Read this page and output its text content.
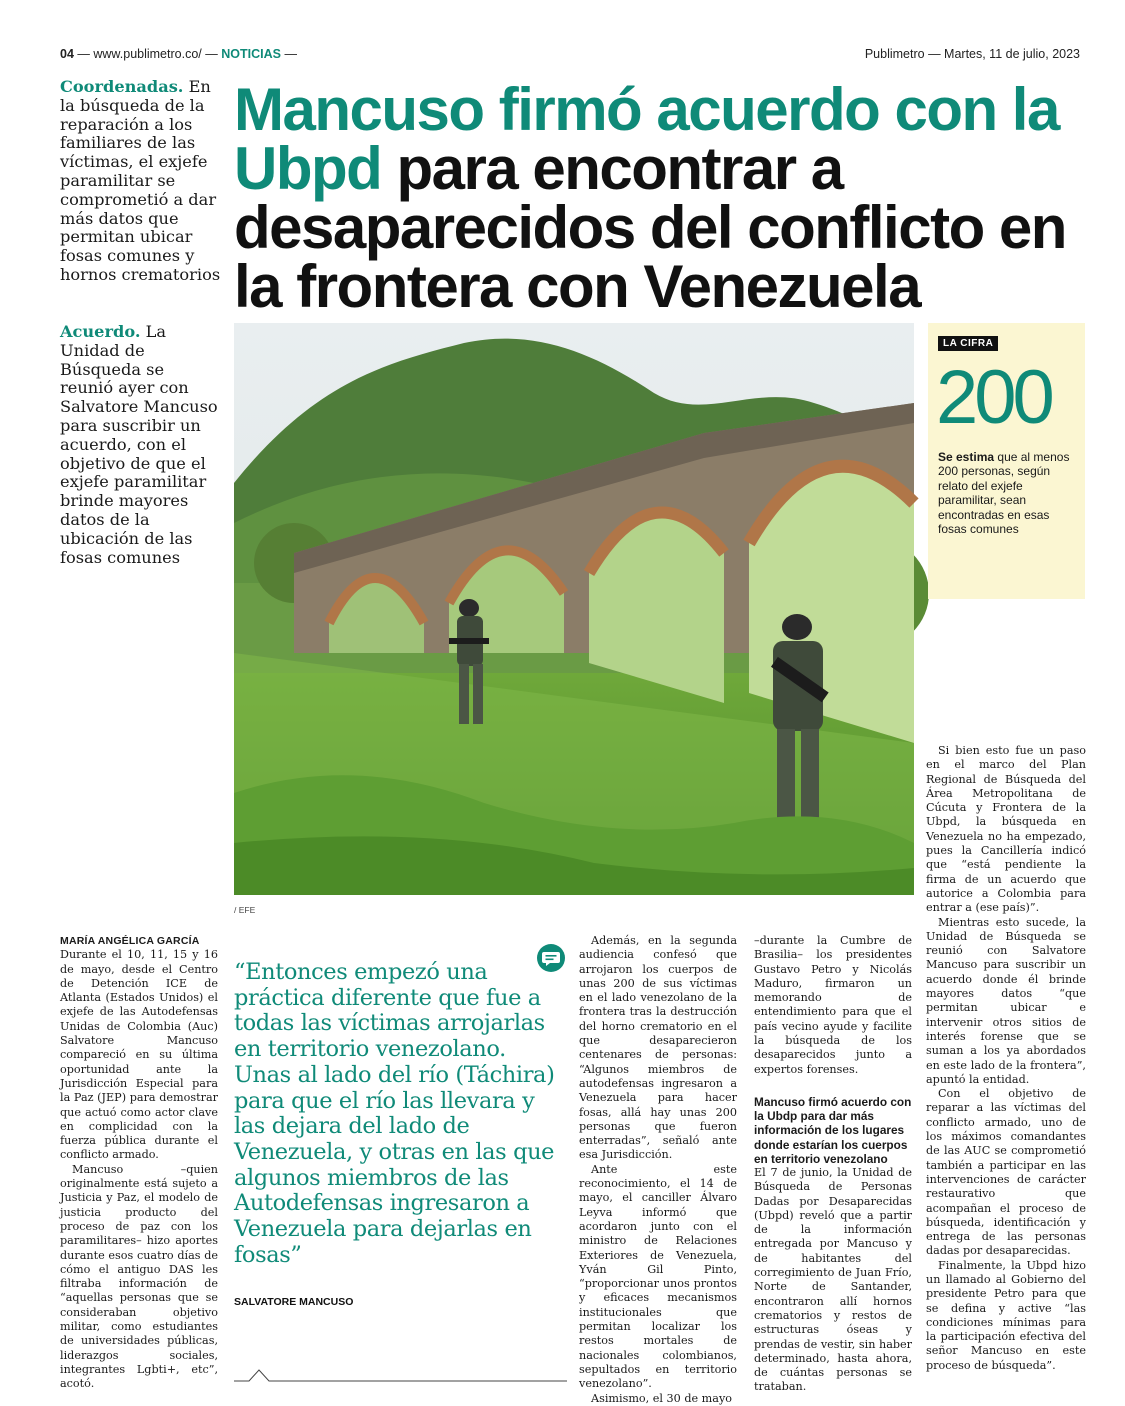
04 — www.publimetro.co/ — NOTICIAS —	Publimetro — Martes, 11 de julio, 2023
Coordenadas. En la búsqueda de la reparación a los familiares de las víctimas, el exjefe paramilitar se comprometió a dar más datos que permitan ubicar fosas comunes y hornos crematorios
Acuerdo. La Unidad de Búsqueda se reunió ayer con Salvatore Mancuso para suscribir un acuerdo, con el objetivo de que el exjefe paramilitar brinde mayores datos de la ubicación de las fosas comunes
Mancuso firmó acuerdo con la Ubpd para encontrar a desaparecidos del conflicto en la frontera con Venezuela
/ EFE
LA CIFRA
200
Se estima que al menos 200 personas, según relato del exjefe paramilitar, sean encontradas en esas fosas comunes
MARÍA ANGÉLICA GARCÍA

Durante el 10, 11, 15 y 16 de mayo, desde el Centro de Detención ICE de Atlanta (Estados Unidos) el exjefe de las Autodefensas Unidas de Colombia (Auc) Salvatore Mancuso compareció en su última oportunidad ante la Jurisdicción Especial para la Paz (JEP) para demostrar que actuó como actor clave en complicidad con la fuerza pública durante el conflicto armado.

Mancuso –quien originalmente está sujeto a Justicia y Paz, el modelo de justicia producto del proceso de paz con los paramilitares– hizo aportes durante esos cuatro días de cómo el antiguo DAS les filtraba información de “aquellas personas que se consideraban objetivo militar, como estudiantes de universidades públicas, liderazgos sociales, integrantes Lgbti+, etc”, acotó.

“Entonces empezó una práctica diferente que fue a todas las víctimas arrojarlas en territorio venezolano. Unas al lado del río (Táchira) para que el río las llevara y las dejara del lado de Venezuela, y otras en las que algunos miembros de las Autodefensas ingresaron a Venezuela para dejarlas en fosas”
SALVATORE MANCUSO

Además, en la segunda audiencia confesó que arrojaron los cuerpos de unas 200 de sus víctimas en el lado venezolano de la frontera tras la destrucción del horno crematorio en el que desaparecieron centenares de personas: “Algunos miembros de autodefensas ingresaron a Venezuela para hacer fosas, allá hay unas 200 personas que fueron enterradas”, señaló ante esa Jurisdicción.

Ante este reconocimiento, el 14 de mayo, el canciller Álvaro Leyva informó que acordaron junto con el ministro de Relaciones Exteriores de Venezuela, Yván Gil Pinto, “proporcionar unos prontos y eficaces mecanismos institucionales que permitan localizar los restos mortales de nacionales colombianos, sepultados en territorio venezolano”.

Asimismo, el 30 de mayo

–durante la Cumbre de Brasilia– los presidentes Gustavo Petro y Nicolás Maduro, firmaron un memorando de entendimiento para que el país vecino ayude y facilite la búsqueda de los desaparecidos junto a expertos forenses.

Mancuso firmó acuerdo con la Ubdp para dar más información de los lugares donde estarían los cuerpos en territorio venezolano

El 7 de junio, la Unidad de Búsqueda de Personas Dadas por Desaparecidas (Ubpd) reveló que a partir de la información entregada por Mancuso y de habitantes del corregimiento de Juan Frío, Norte de Santander, encontraron allí hornos crematorios y restos de estructuras óseas y prendas de vestir, sin haber determinado, hasta ahora, de cuántas personas se trataban.

Si bien esto fue un paso en el marco del Plan Regional de Búsqueda del Área Metropolitana de Cúcuta y Frontera de la Ubpd, la búsqueda en Venezuela no ha empezado, pues la Cancillería indicó que “está pendiente la firma de un acuerdo que autorice a Colombia para entrar a (ese país)”.

Mientras esto sucede, la Unidad de Búsqueda se reunió con Salvatore Mancuso para suscribir un acuerdo donde él brinde mayores datos “que permitan ubicar e intervenir otros sitios de interés forense que se suman a los ya abordados en este lado de la frontera”, apuntó la entidad.

Con el objetivo de reparar a las víctimas del conflicto armado, uno de los máximos comandantes de las AUC se comprometió también a participar en las intervenciones de carácter restaurativo que acompañan el proceso de búsqueda, identificación y entrega de las personas dadas por desaparecidas.

Finalmente, la Ubpd hizo un llamado al Gobierno del presidente Petro para que se defina y active “las condiciones mínimas para la participación efectiva del señor Mancuso en este proceso de búsqueda”.
